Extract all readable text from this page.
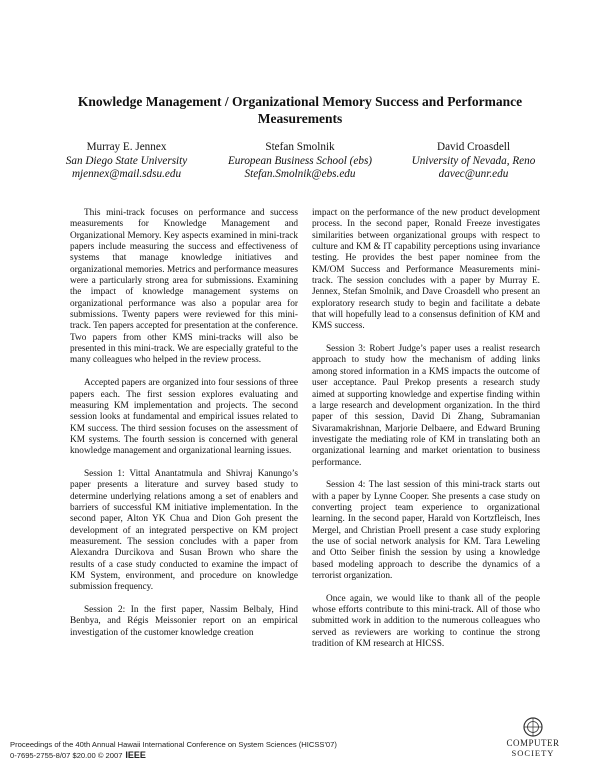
Knowledge Management / Organizational Memory Success and Performance Measurements
Murray E. Jennex
San Diego State University
mjennex@mail.sdsu.edu
Stefan Smolnik
European Business School (ebs)
Stefan.Smolnik@ebs.edu
David Croasdell
University of Nevada, Reno
davec@unr.edu

This mini-track focuses on performance and success measurements for Knowledge Management and Organizational Memory. Key aspects examined in mini-track papers include measuring the success and effectiveness of systems that manage knowledge initiatives and organizational memories. Metrics and performance measures were a particularly strong area for submissions. Examining the impact of knowledge management systems on organizational performance was also a popular area for submissions. Twenty papers were reviewed for this mini-track. Ten papers accepted for presentation at the conference. Two papers from other KMS mini-tracks will also be presented in this mini-track. We are especially grateful to the many colleagues who helped in the review process.

Accepted papers are organized into four sessions of three papers each. The first session explores evaluating and measuring KM implementation and projects. The second session looks at fundamental and empirical issues related to KM success. The third session focuses on the assessment of KM systems. The fourth session is concerned with general knowledge management and organizational learning issues.

Session 1: Vittal Anantatmula and Shivraj Kanungo’s paper presents a literature and survey based study to determine underlying relations among a set of enablers and barriers of successful KM initiative implementation. In the second paper, Alton YK Chua and Dion Goh present the development of an integrated perspective on KM project measurement. The session concludes with a paper from Alexandra Durcikova and Susan Brown who share the results of a case study conducted to examine the impact of KM System, environment, and procedure on knowledge submission frequency.

Session 2: In the first paper, Nassim Belbaly, Hind Benbya, and Régis Meissonier report on an empirical investigation of the customer knowledge creation

impact on the performance of the new product development process. In the second paper, Ronald Freeze investigates similarities between organizational groups with respect to culture and KM & IT capability perceptions using invariance testing. He provides the best paper nominee from the KM/OM Success and Performance Measurements mini-track. The session concludes with a paper by Murray E. Jennex, Stefan Smolnik, and Dave Croasdell who present an exploratory research study to begin and facilitate a debate that will hopefully lead to a consensus definition of KM and KMS success.

Session 3: Robert Judge’s paper uses a realist research approach to study how the mechanism of adding links among stored information in a KMS impacts the outcome of user acceptance. Paul Prekop presents a research study aimed at supporting knowledge and expertise finding within a large research and development organization. In the third paper of this session, David Di Zhang, Subramanian Sivaramakrishnan, Marjorie Delbaere, and Edward Bruning investigate the mediating role of KM in translating both an organizational learning and market orientation to business performance.

Session 4: The last session of this mini-track starts out with a paper by Lynne Cooper. She presents a case study on converting project team experience to organizational learning. In the second paper, Harald von Kortzfleisch, Ines Mergel, and Christian Proell present a case study exploring the use of social network analysis for KM. Tara Leweling and Otto Seiber finish the session by using a knowledge based modeling approach to describe the dynamics of a terrorist organization.

Once again, we would like to thank all of the people whose efforts contribute to this mini-track. All of those who submitted work in addition to the numerous colleagues who served as reviewers are working to continue the strong tradition of KM research at HICSS.

Proceedings of the 40th Annual Hawaii International Conference on System Sciences (HICSS'07)
0-7695-2755-8/07 $20.00 © 2007 IEEE
COMPUTER
SOCIETY
